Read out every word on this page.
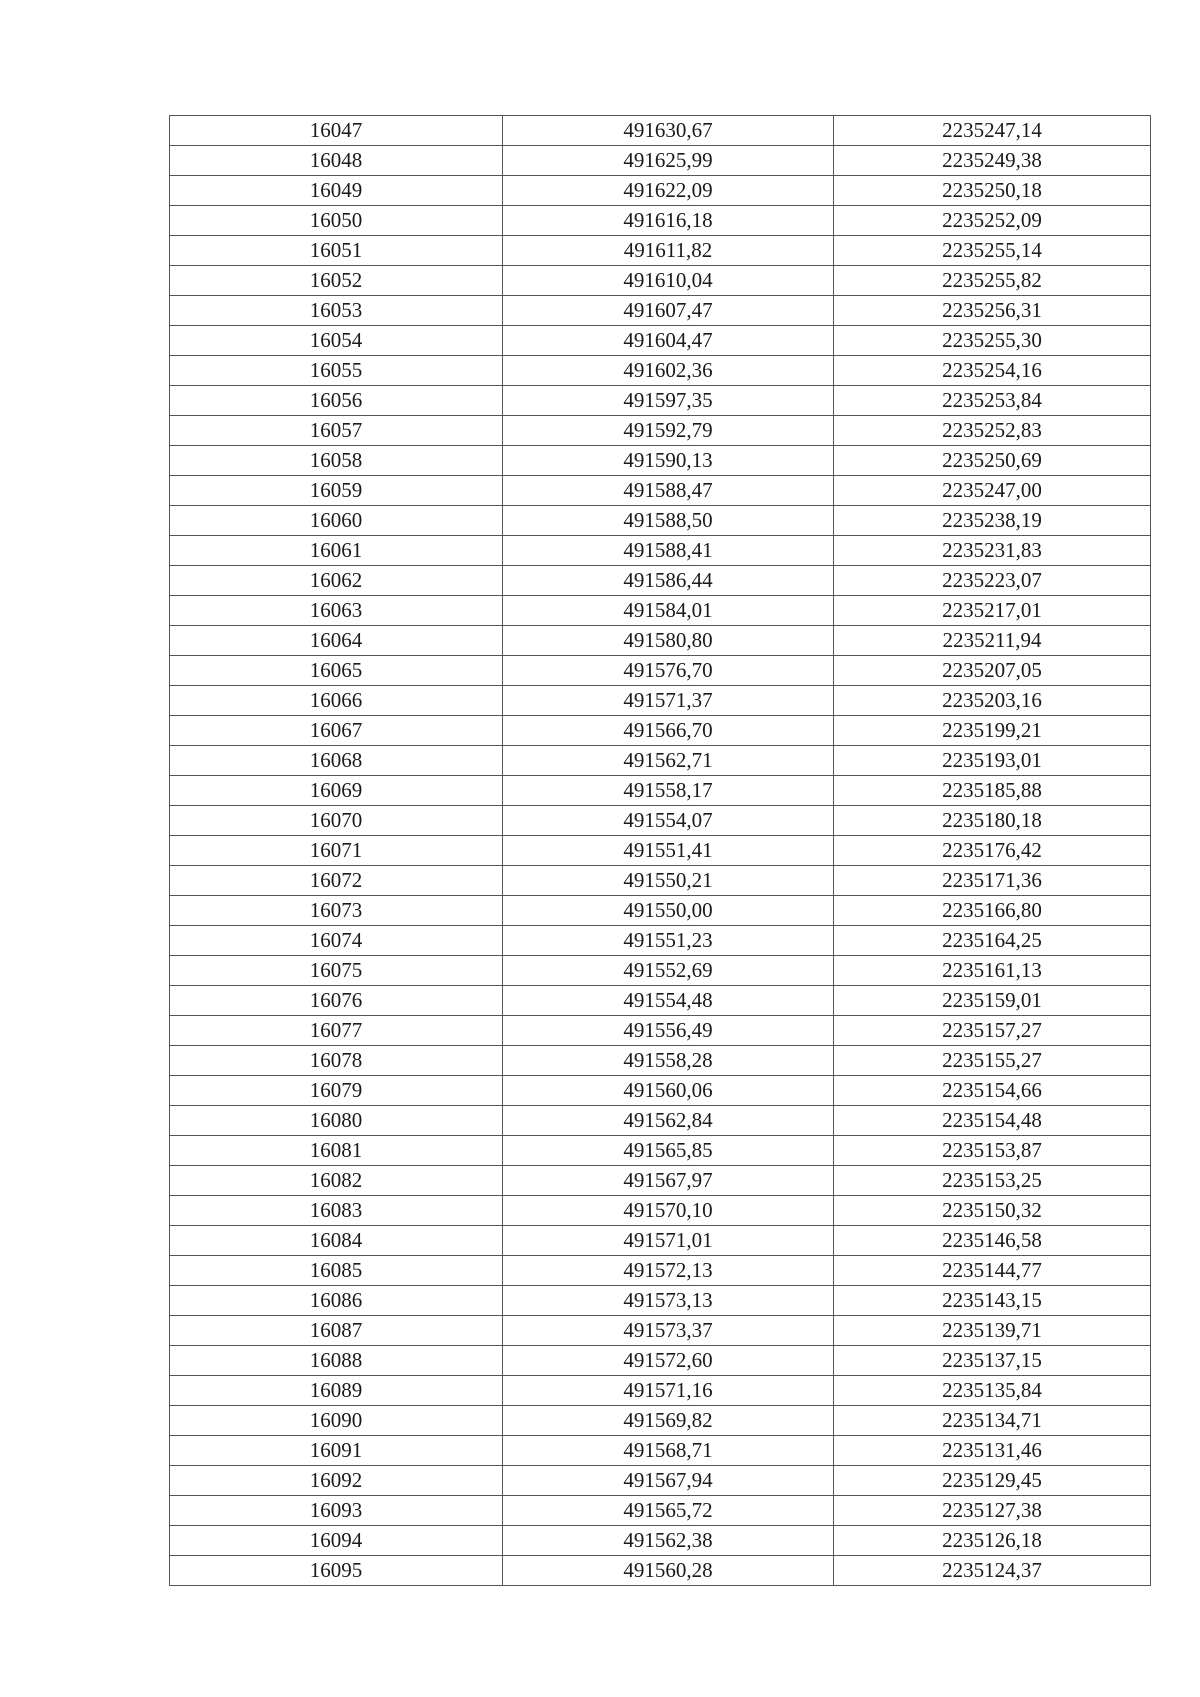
16047	491630,67	2235247,14
16048	491625,99	2235249,38
16049	491622,09	2235250,18
16050	491616,18	2235252,09
16051	491611,82	2235255,14
16052	491610,04	2235255,82
16053	491607,47	2235256,31
16054	491604,47	2235255,30
16055	491602,36	2235254,16
16056	491597,35	2235253,84
16057	491592,79	2235252,83
16058	491590,13	2235250,69
16059	491588,47	2235247,00
16060	491588,50	2235238,19
16061	491588,41	2235231,83
16062	491586,44	2235223,07
16063	491584,01	2235217,01
16064	491580,80	2235211,94
16065	491576,70	2235207,05
16066	491571,37	2235203,16
16067	491566,70	2235199,21
16068	491562,71	2235193,01
16069	491558,17	2235185,88
16070	491554,07	2235180,18
16071	491551,41	2235176,42
16072	491550,21	2235171,36
16073	491550,00	2235166,80
16074	491551,23	2235164,25
16075	491552,69	2235161,13
16076	491554,48	2235159,01
16077	491556,49	2235157,27
16078	491558,28	2235155,27
16079	491560,06	2235154,66
16080	491562,84	2235154,48
16081	491565,85	2235153,87
16082	491567,97	2235153,25
16083	491570,10	2235150,32
16084	491571,01	2235146,58
16085	491572,13	2235144,77
16086	491573,13	2235143,15
16087	491573,37	2235139,71
16088	491572,60	2235137,15
16089	491571,16	2235135,84
16090	491569,82	2235134,71
16091	491568,71	2235131,46
16092	491567,94	2235129,45
16093	491565,72	2235127,38
16094	491562,38	2235126,18
16095	491560,28	2235124,37
